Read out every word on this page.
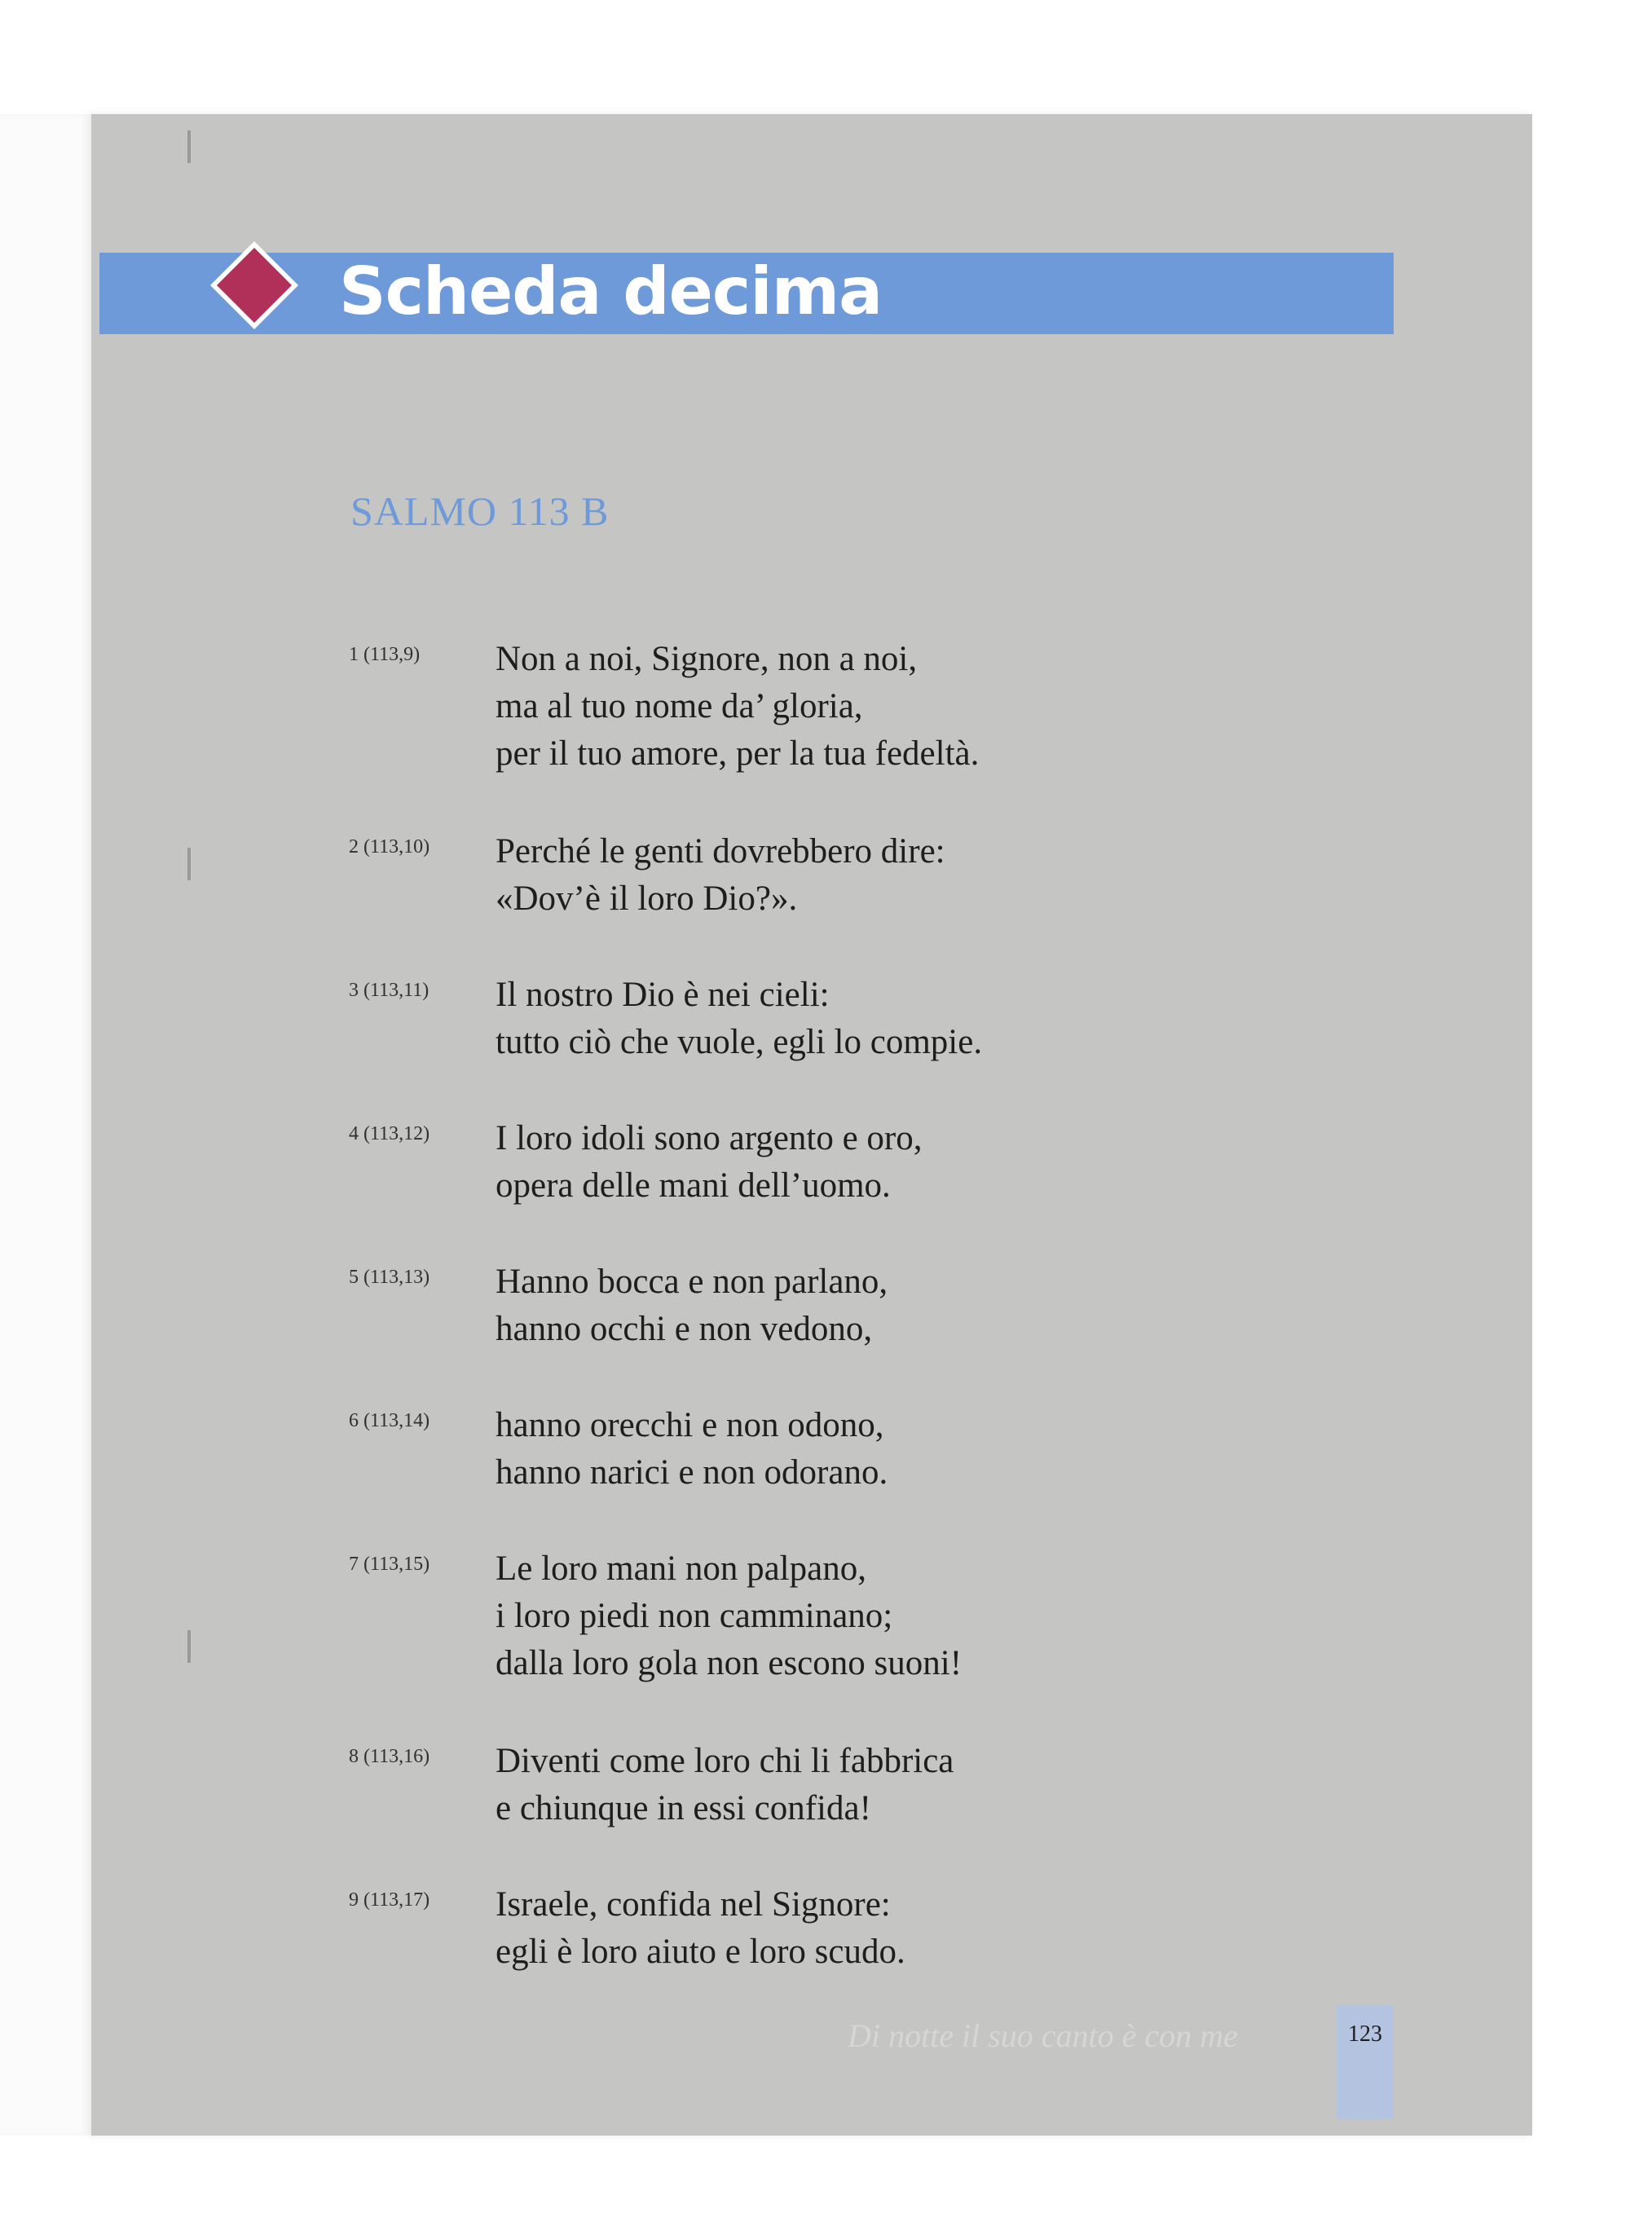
Scheda decima
SALMO 113 B
1 (113,9)	Non a noi, Signore, non a noi,
ma al tuo nome da’ gloria,
per il tuo amore, per la tua fedeltà.
2 (113,10)	Perché le genti dovrebbero dire:
«Dov’è il loro Dio?».
3 (113,11)	Il nostro Dio è nei cieli:
tutto ciò che vuole, egli lo compie.
4 (113,12)	I loro idoli sono argento e oro,
opera delle mani dell’uomo.
5 (113,13)	Hanno bocca e non parlano,
hanno occhi e non vedono,
6 (113,14)	hanno orecchi e non odono,
hanno narici e non odorano.
7 (113,15)	Le loro mani non palpano,
i loro piedi non camminano;
dalla loro gola non escono suoni!
8 (113,16)	Diventi come loro chi li fabbrica
e chiunque in essi confida!
9 (113,17)	Israele, confida nel Signore:
egli è loro aiuto e loro scudo.
Di notte il suo canto è con me	123
